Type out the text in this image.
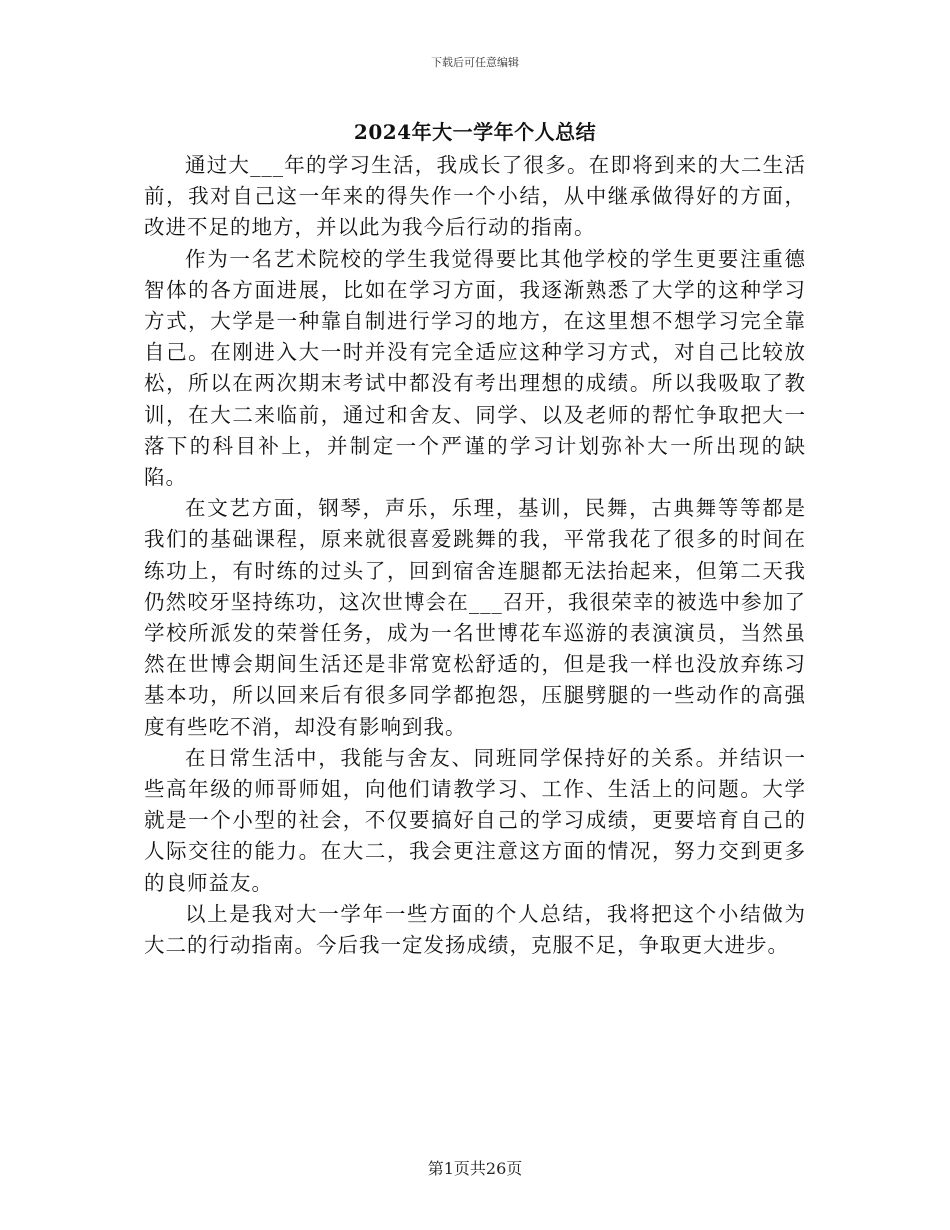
下载后可任意编辑
2024年大一学年个人总结

通过大___年的学习生活，我成长了很多。在即将到来的大二生活前，我对自己这一年来的得失作一个小结，从中继承做得好的方面，改进不足的地方，并以此为我今后行动的指南。

作为一名艺术院校的学生我觉得要比其他学校的学生更要注重德智体的各方面进展，比如在学习方面，我逐渐熟悉了大学的这种学习方式，大学是一种靠自制进行学习的地方，在这里想不想学习完全靠自己。在刚进入大一时并没有完全适应这种学习方式，对自己比较放松，所以在两次期末考试中都没有考出理想的成绩。所以我吸取了教训，在大二来临前，通过和舍友、同学、以及老师的帮忙争取把大一落下的科目补上，并制定一个严谨的学习计划弥补大一所出现的缺陷。

在文艺方面，钢琴，声乐，乐理，基训，民舞，古典舞等等都是我们的基础课程，原来就很喜爱跳舞的我，平常我花了很多的时间在练功上，有时练的过头了，回到宿舍连腿都无法抬起来，但第二天我仍然咬牙坚持练功，这次世博会在___召开，我很荣幸的被选中参加了学校所派发的荣誉任务，成为一名世博花车巡游的表演演员，当然虽然在世博会期间生活还是非常宽松舒适的，但是我一样也没放弃练习基本功，所以回来后有很多同学都抱怨，压腿劈腿的一些动作的高强度有些吃不消，却没有影响到我。

在日常生活中，我能与舍友、同班同学保持好的关系。并结识一些高年级的师哥师姐，向他们请教学习、工作、生活上的问题。大学就是一个小型的社会，不仅要搞好自己的学习成绩，更要培育自己的人际交往的能力。在大二，我会更注意这方面的情况，努力交到更多的良师益友。

以上是我对大一学年一些方面的个人总结，我将把这个小结做为大二的行动指南。今后我一定发扬成绩，克服不足，争取更大进步。

第1页共26页
